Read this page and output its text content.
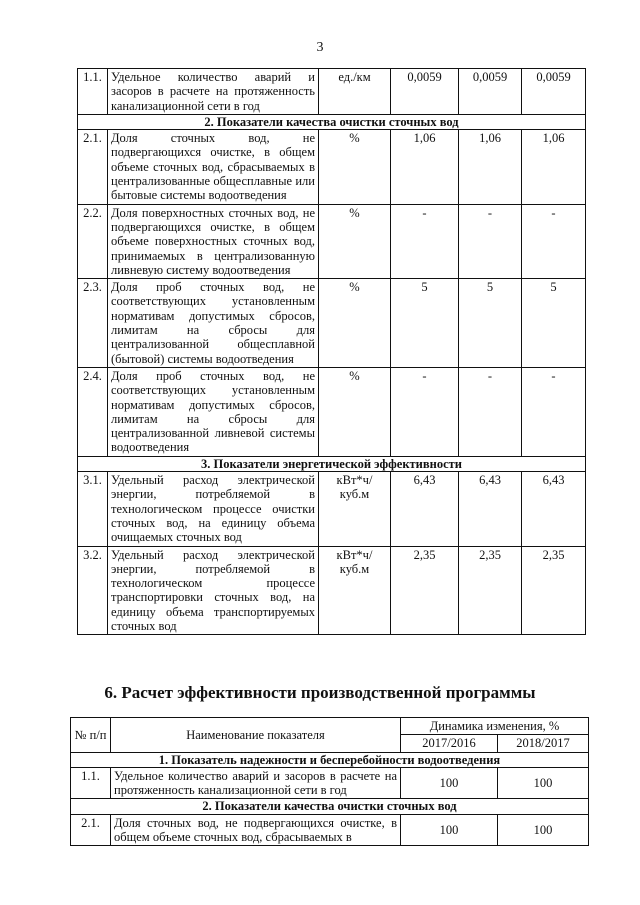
3
1.1.	Удельное количество аварий и засоров в расчете на протяженность канализационной сети в год	ед./км	0,0059	0,0059	0,0059
2. Показатели качества очистки сточных вод					
2.1.	Доля сточных вод, не подвергающихся очистке, в общем объеме сточных вод, сбрасываемых в централизованные общесплавные или бытовые системы водоотведения	%	1,06	1,06	1,06
2.2.	Доля поверхностных сточных вод, не подвергающихся очистке, в общем объеме поверхностных сточных вод, принимаемых в централизованную ливневую систему водоотведения	%	-	-	-
2.3.	Доля проб сточных вод, не соответствующих установленным нормативам допустимых сбросов, лимитам на сбросы для централизованной общесплавной (бытовой) системы водоотведения	%	5	5	5
2.4.	Доля проб сточных вод, не соответствующих установленным нормативам допустимых сбросов, лимитам на сбросы для централизованной ливневой системы водоотведения	%	-	-	-
3. Показатели энергетической эффективности					
3.1.	Удельный расход электрической энергии, потребляемой в технологическом процессе очистки сточных вод, на единицу объема очищаемых сточных вод	кВт*ч/куб.м	6,43	6,43	6,43
3.2.	Удельный расход электрической энергии, потребляемой в технологическом процессе транспортировки сточных вод, на единицу объема транспортируемых сточных вод	кВт*ч/куб.м	2,35	2,35	2,35
6. Расчет эффективности производственной программы
№ п/п	Наименование показателя	Динамика изменения, %	
		2017/2016	2018/2017
1. Показатель надежности и бесперебойности водоотведения			
1.1.	Удельное количество аварий и засоров в расчете на протяженность канализационной сети в год	100	100
2. Показатели качества очистки сточных вод			
2.1.	Доля сточных вод, не подвергающихся очистке, в общем объеме сточных вод, сбрасываемых в	100	100
